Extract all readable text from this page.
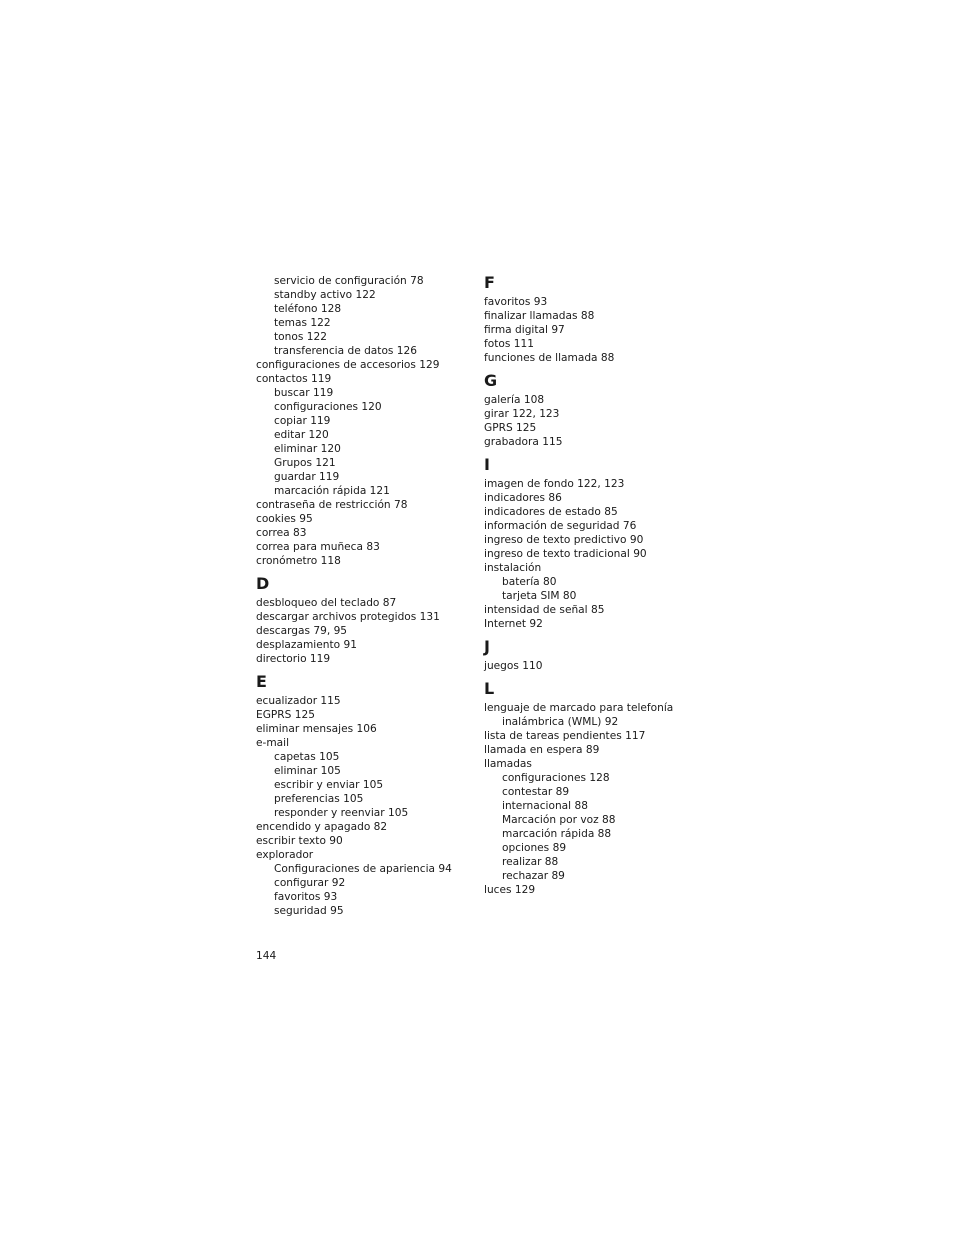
servicio de configuración 78
standby activo 122
teléfono 128
temas 122
tonos 122
transferencia de datos 126
configuraciones de accesorios 129
contactos 119
buscar 119
configuraciones 120
copiar 119
editar 120
eliminar 120
Grupos 121
guardar 119
marcación rápida 121
contraseña de restricción 78
cookies 95
correa 83
correa para muñeca 83
cronómetro 118
D
desbloqueo del teclado 87
descargar archivos protegidos 131
descargas 79, 95
desplazamiento 91
directorio 119
E
ecualizador 115
EGPRS 125
eliminar mensajes 106
e-mail
capetas 105
eliminar 105
escribir y enviar 105
preferencias 105
responder y reenviar 105
encendido y apagado 82
escribir texto 90
explorador
Configuraciones de apariencia 94
configurar 92
favoritos 93
seguridad 95
F
favoritos 93
finalizar llamadas 88
firma digital 97
fotos 111
funciones de llamada 88
G
galería 108
girar 122, 123
GPRS 125
grabadora 115
I
imagen de fondo 122, 123
indicadores 86
indicadores de estado 85
información de seguridad 76
ingreso de texto predictivo 90
ingreso de texto tradicional 90
instalación
batería 80
tarjeta SIM 80
intensidad de señal 85
Internet 92
J
juegos 110
L
lenguaje de marcado para telefonía
inalámbrica (WML) 92
lista de tareas pendientes 117
llamada en espera 89
llamadas
configuraciones 128
contestar 89
internacional 88
Marcación por voz 88
marcación rápida 88
opciones 89
realizar 88
rechazar 89
luces 129
144
